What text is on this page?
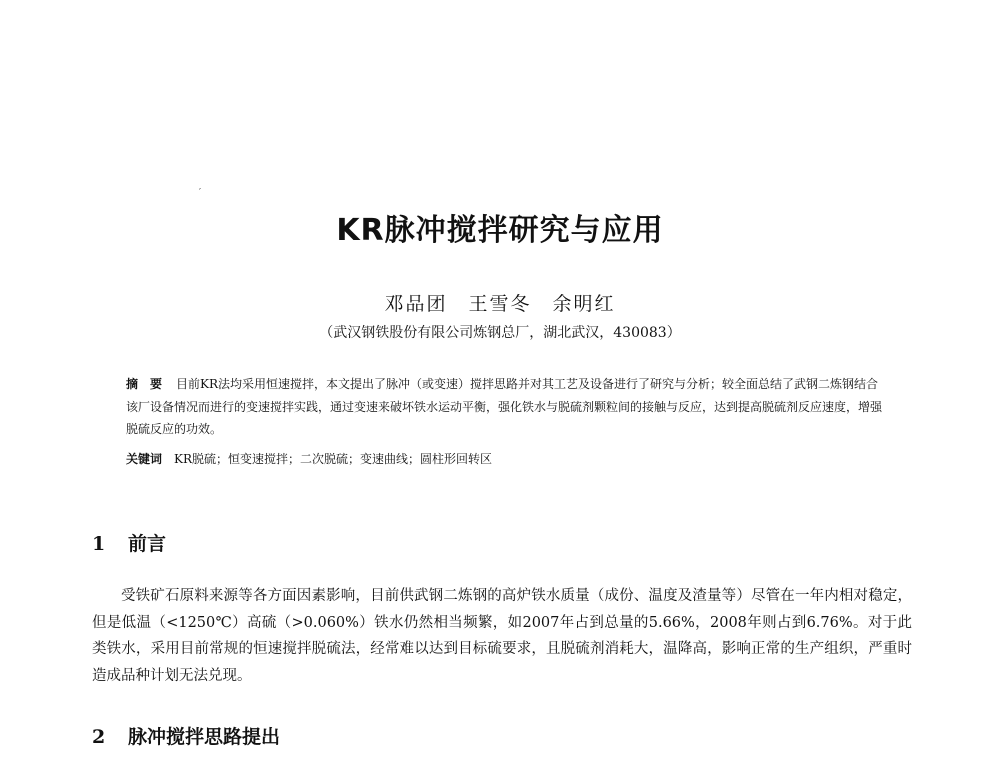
′
KR脉冲搅拌研究与应用
邓品团　王雪冬　余明红
（武汉钢铁股份有限公司炼钢总厂，湖北武汉，430083）
摘　要 目前KR法均采用恒速搅拌，本文提出了脉冲（或变速）搅拌思路并对其工艺及设备进行了研究与分析；较全面总结了武钢二炼钢结合该厂设备情况而进行的变速搅拌实践，通过变速来破坏铁水运动平衡，强化铁水与脱硫剂颗粒间的接触与反应，达到提高脱硫剂反应速度，增强脱硫反应的功效。
关键词 KR脱硫；恒变速搅拌；二次脱硫；变速曲线；圆柱形回转区
1 前言
受铁矿石原料来源等各方面因素影响，目前供武钢二炼钢的高炉铁水质量（成份、温度及渣量等）尽管在一年内相对稳定，但是低温（<1250℃）高硫（>0.060%）铁水仍然相当频繁，如2007年占到总量的5.66%，2008年则占到6.76%。对于此类铁水，采用目前常规的恒速搅拌脱硫法，经常难以达到目标硫要求，且脱硫剂消耗大，温降高，影响正常的生产组织，严重时造成品种计划无法兑现。
2 脉冲搅拌思路提出
